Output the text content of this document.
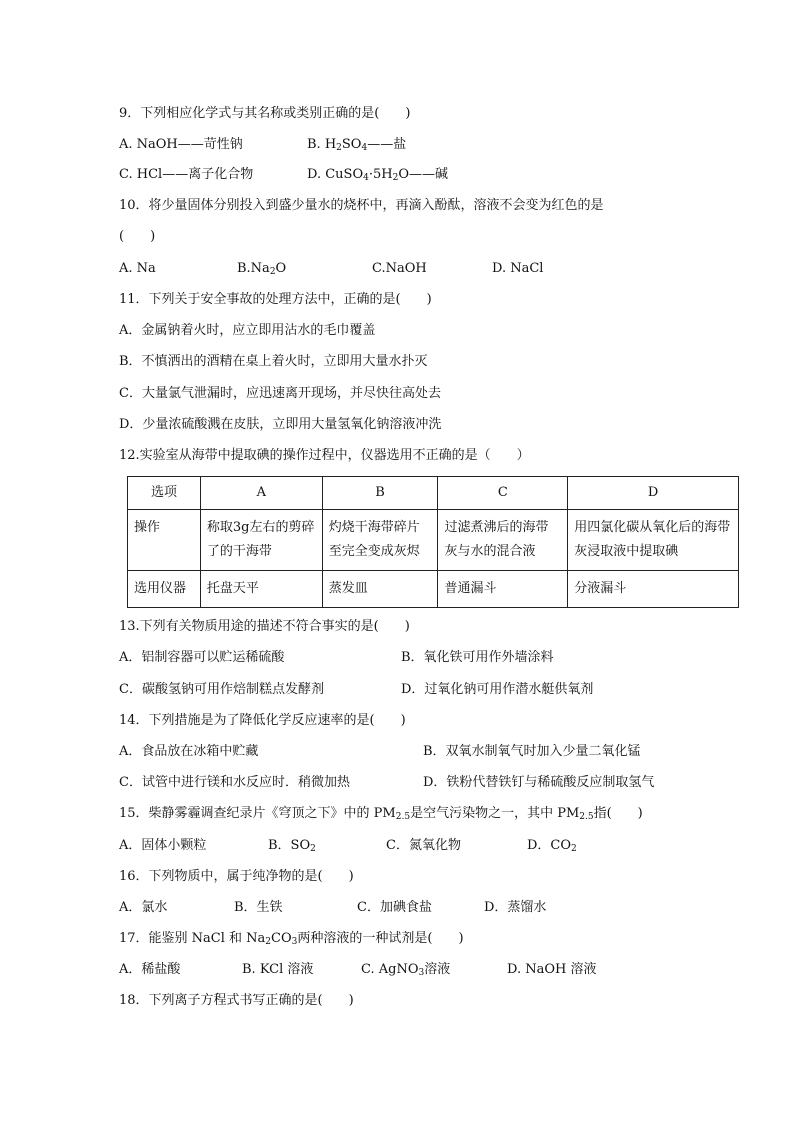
9．下列相应化学式与其名称或类别正确的是(　　)
A. NaOH——苛性钠	B. $H_2SO_4——$盐
C. HCl——离子化合物	D. $CuSO_4\cdot 5H_2O——$碱
10．将少量固体分别投入到盛少量水的烧杯中，再滴入酚酞，溶液不会变为红色的是
(　　)
A. Na	$B.Na_2O$	C.NaOH	D. NaCl
11．下列关于安全事故的处理方法中，正确的是(　　)
A．金属钠着火时，应立即用沾水的毛巾覆盖
B．不慎洒出的酒精在桌上着火时，立即用大量水扑灭
C．大量氯气泄漏时，应迅速离开现场，并尽快往高处去
D．少量浓硫酸溅在皮肤，立即用大量氢氧化钠溶液冲洗
12.实验室从海带中提取碘的操作过程中，仪器选用不正确的是（　　）
选项	A	B	C	D
操作	称取3g左右的剪碎了的干海带	灼烧干海带碎片至完全变成灰烬	过滤煮沸后的海带灰与水的混合液	用四氯化碳从氧化后的海带灰浸取液中提取碘
选用仪器	托盘天平	蒸发皿	普通漏斗	分液漏斗
13.下列有关物质用途的描述不符合事实的是(　　)
A．铝制容器可以贮运稀硫酸	B．氧化铁可用作外墙涂料
C．碳酸氢钠可用作焙制糕点发酵剂	D．过氧化钠可用作潜水艇供氧剂
14．下列措施是为了降低化学反应速率的是(　　)
A．食品放在冰箱中贮藏	B．双氧水制氧气时加入少量二氧化锰
C．试管中进行镁和水反应时．稍微加热	D．铁粉代替铁钉与稀硫酸反应制取氢气
15．柴静雾霾调查纪录片《穹顶之下》中的 $PM_{2.5}$是空气污染物之一，其中 $PM_{2.5}$指(　　)
A．固体小颗粒	B．$SO_2$	C．氮氧化物	D．$CO_2$
16．下列物质中，属于纯净物的是(　　)
A．氯水	B．生铁	C．加碘食盐	D．蒸馏水
17．能鉴别 NaCl 和 $Na_2CO_3$两种溶液的一种试剂是(　　)
A．稀盐酸	B. KCl 溶液	C. AgNO$_3$溶液	D. NaOH 溶液
18．下列离子方程式书写正确的是(　　)
